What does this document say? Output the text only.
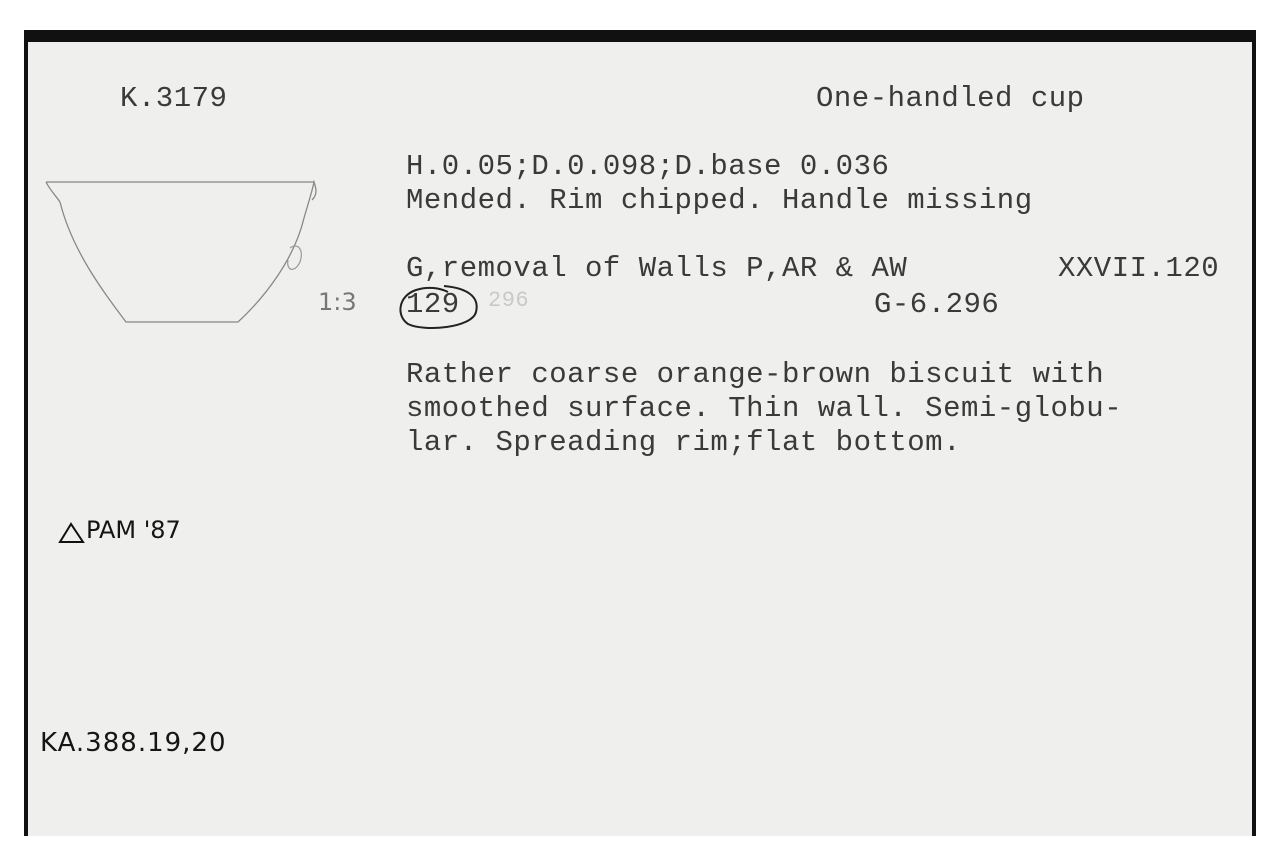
K.3179	One-handled cup
H.0.05;D.0.098;D.base 0.036
Mended. Rim chipped. Handle missing
G,removal of Walls P,AR & AW	XXVII.120
1:3 129 296	G-6.296
Rather coarse orange-brown biscuit with
smoothed surface. Thin wall. Semi-globu-
lar. Spreading rim;flat bottom.
PAM '87
KA.388.19,20
